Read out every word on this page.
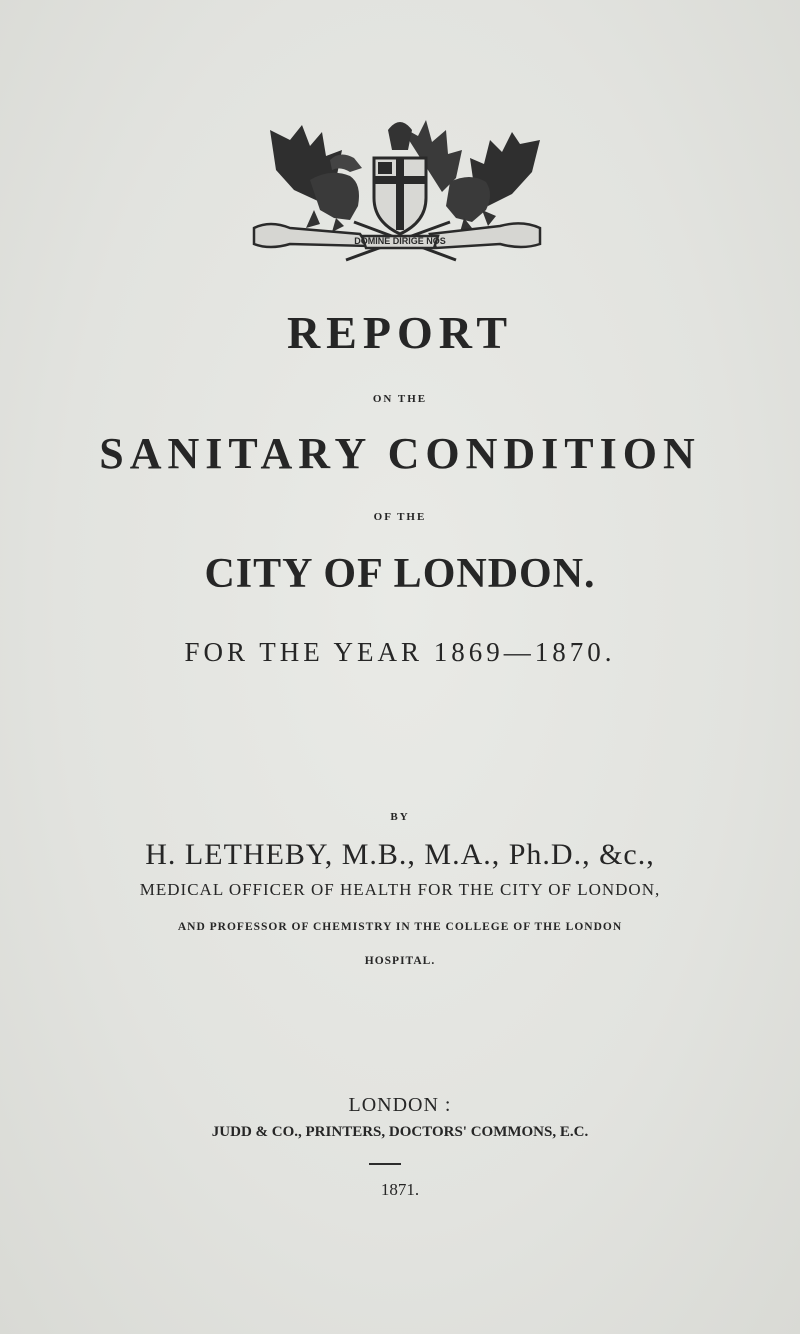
DOMINE DIRIGE NOS
REPORT
ON THE
SANITARY CONDITION
OF THE
CITY OF LONDON.
FOR THE YEAR 1869—1870.
BY
H. LETHEBY, M.B., M.A., Ph.D., &c.,
MEDICAL OFFICER OF HEALTH FOR THE CITY OF LONDON,
AND PROFESSOR OF CHEMISTRY IN THE COLLEGE OF THE LONDON
HOSPITAL.
LONDON :
JUDD & CO., PRINTERS, DOCTORS' COMMONS, E.C.
1871.
